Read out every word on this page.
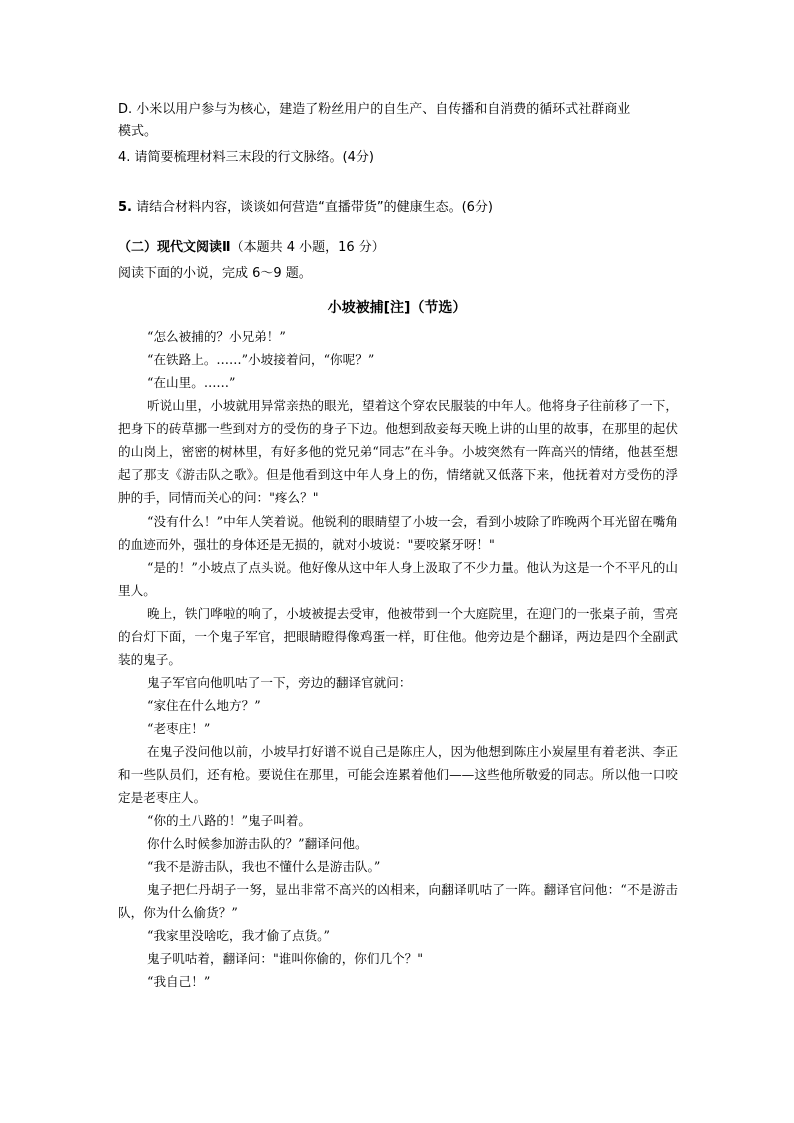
D. 小米以用户参与为核心，建造了粉丝用户的自生产、自传播和自消费的循环式社群商业
模式。
4. 请简要梳理材料三末段的行文脉络。(4分)
5. 请结合材料内容，谈谈如何营造“直播带货”的健康生态。(6分)
（二）现代文阅读Ⅱ（本题共 4 小题，16 分）
阅读下面的小说，完成 6～9 题。
小坡被捕[注]（节选）

“怎么被捕的？小兄弟！”

“在铁路上。……”小坡接着问，“你呢？”

“在山里。……”

听说山里，小坡就用异常亲热的眼光，望着这个穿农民服装的中年人。他将身子往前移了一下，把身下的砖草挪一些到对方的受伤的身子下边。他想到敌妾每天晚上讲的山里的故事，在那里的起伏的山岗上，密密的树林里，有好多他的党兄弟“同志”在斗争。小坡突然有一阵高兴的情绪，他甚至想起了那支《游击队之歌》。但是他看到这中年人身上的伤，情绪就又低落下来，他抚着对方受伤的浮肿的手，同情而关心的问："疼么？"

“没有什么！”中年人笑着说。他锐利的眼睛望了小坡一会，看到小坡除了昨晚两个耳光留在嘴角的血迹而外，强壮的身体还是无损的，就对小坡说："要咬紧牙呀！"

“是的！”小坡点了点头说。他好像从这中年人身上汲取了不少力量。他认为这是一个不平凡的山里人。

晚上，铁门哗啦的响了，小坡被提去受审，他被带到一个大庭院里，在迎门的一张桌子前，雪亮的台灯下面，一个鬼子军官，把眼睛瞪得像鸡蛋一样，盯住他。他旁边是个翻译，两边是四个全副武装的鬼子。

鬼子军官向他叽咕了一下，旁边的翻译官就问：

“家住在什么地方？”

“老枣庄！”

在鬼子没问他以前，小坡早打好谱不说自己是陈庄人，因为他想到陈庄小炭屋里有着老洪、李正和一些队员们，还有枪。要说住在那里，可能会连累着他们——这些他所敬爱的同志。所以他一口咬定是老枣庄人。

“你的土八路的！”鬼子叫着。

你什么时候参加游击队的？”翻译问他。

“我不是游击队，我也不懂什么是游击队。”

鬼子把仁丹胡子一努，显出非常不高兴的凶相来，向翻译叽咕了一阵。翻译官问他：“不是游击队，你为什么偷货？”

“我家里没啥吃，我才偷了点货。”

鬼子叽咕着，翻译问："谁叫你偷的，你们几个？"

“我自己！”
